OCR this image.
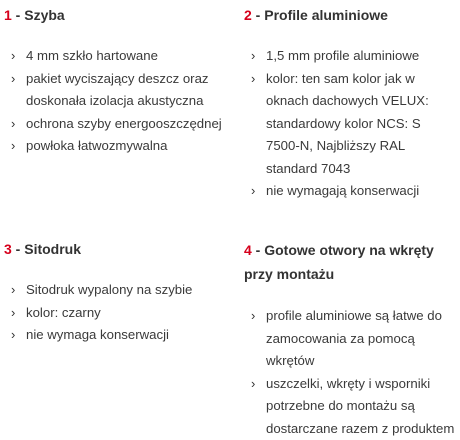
1 - Szyba
› 4 mm szkło hartowane
› pakiet wyciszający deszcz oraz doskonała izolacja akustyczna
› ochrona szyby energooszczędnej
› powłoka łatwozmywalna
2 - Profile aluminiowe
› 1,5 mm profile aluminiowe
› kolor: ten sam kolor jak w oknach dachowych VELUX: standardowy kolor NCS: S 7500-N, Najbliższy RAL standard 7043
› nie wymagają konserwacji
3 - Sitodruk
› Sitodruk wypalony na szybie
› kolor: czarny
› nie wymaga konserwacji
4 - Gotowe otwory na wkręty przy montażu
› profile aluminiowe są łatwe do zamocowania za pomocą wkrętów
› uszczelki, wkręty i wsporniki potrzebne do montażu są dostarczane razem z produktem
